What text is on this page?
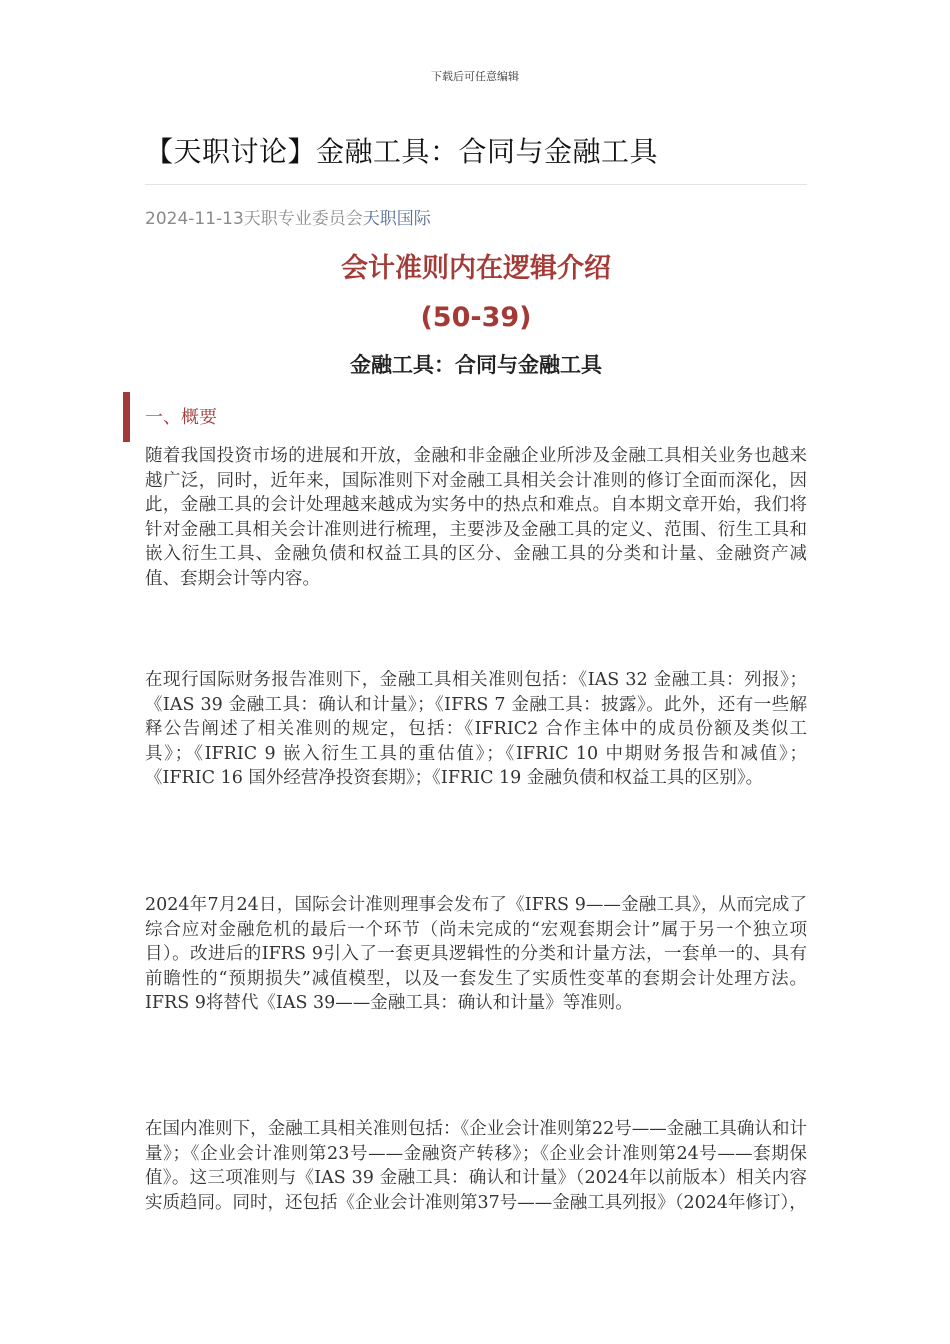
下载后可任意编辑
【天职讨论】金融工具：合同与金融工具
2024-11-13天职专业委员会天职国际
会计准则内在逻辑介绍
(50-39)
金融工具：合同与金融工具
一、概要

随着我国投资市场的进展和开放，金融和非金融企业所涉及金融工具相关业务也越来越广泛，同时，近年来，国际准则下对金融工具相关会计准则的修订全面而深化，因此，金融工具的会计处理越来越成为实务中的热点和难点。自本期文章开始，我们将针对金融工具相关会计准则进行梳理，主要涉及金融工具的定义、范围、衍生工具和嵌入衍生工具、金融负债和权益工具的区分、金融工具的分类和计量、金融资产减值、套期会计等内容。

在现行国际财务报告准则下，金融工具相关准则包括：《IAS 32 金融工具：列报》；《IAS 39 金融工具：确认和计量》；《IFRS 7 金融工具：披露》。此外，还有一些解释公告阐述了相关准则的规定，包括：《IFRIC2 合作主体中的成员份额及类似工具》；《IFRIC 9 嵌入衍生工具的重估值》；《IFRIC 10 中期财务报告和减值》；《IFRIC 16 国外经营净投资套期》；《IFRIC 19 金融负债和权益工具的区别》。

2024年7月24日，国际会计准则理事会发布了《IFRS 9——金融工具》，从而完成了综合应对金融危机的最后一个环节（尚未完成的“宏观套期会计”属于另一个独立项目）。改进后的IFRS 9引入了一套更具逻辑性的分类和计量方法，一套单一的、具有前瞻性的“预期损失”减值模型，以及一套发生了实质性变革的套期会计处理方法。IFRS 9将替代《IAS 39——金融工具：确认和计量》等准则。

在国内准则下，金融工具相关准则包括：《企业会计准则第22号——金融工具确认和计量》；《企业会计准则第23号——金融资产转移》；《企业会计准则第24号——套期保值》。这三项准则与《IAS 39 金融工具：确认和计量》（2024年以前版本）相关内容实质趋同。同时，还包括《企业会计准则第37号——金融工具列报》（2024年修订），
